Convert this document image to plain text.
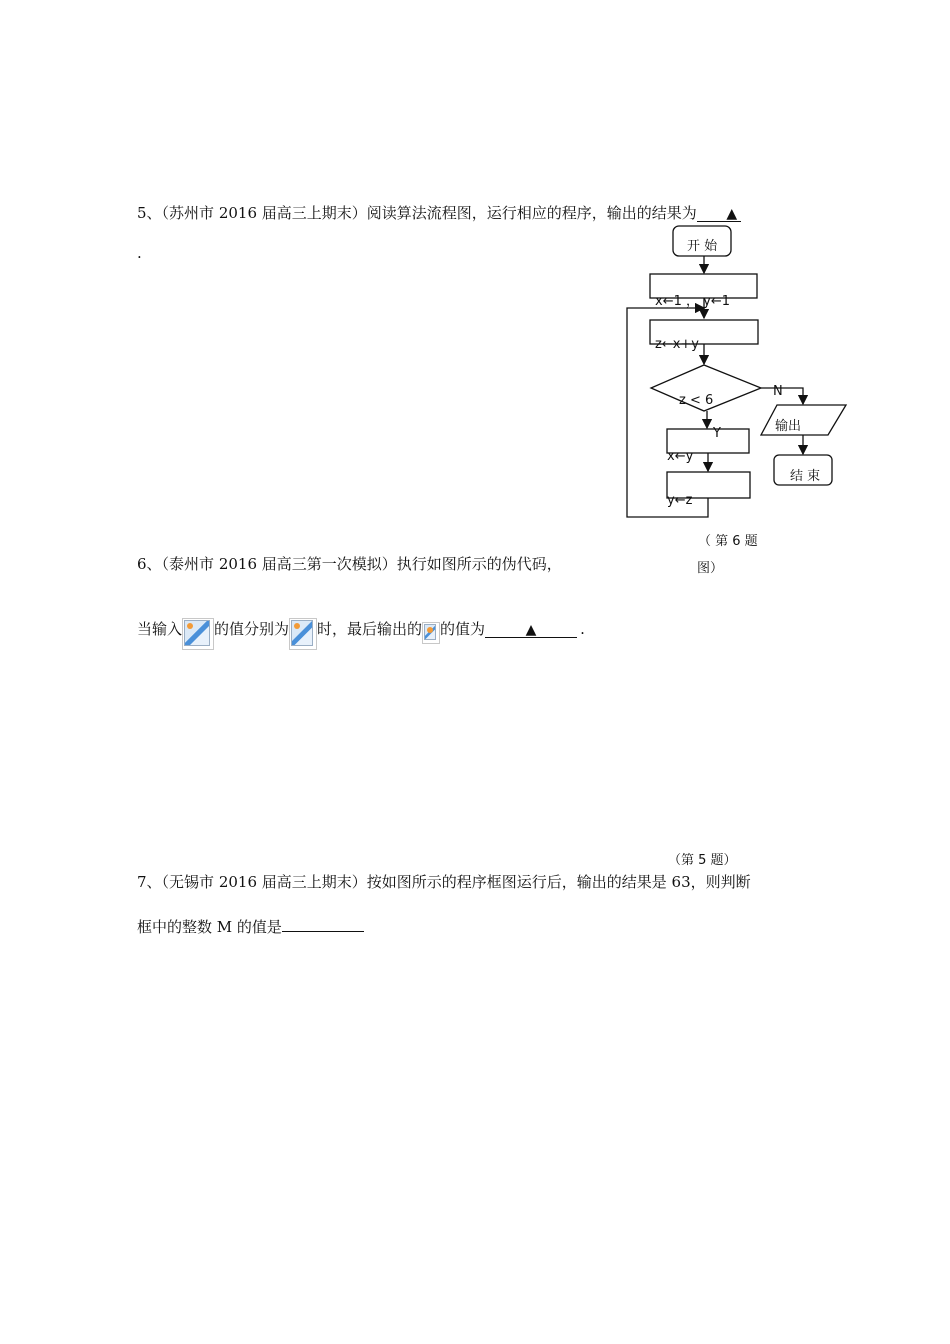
5、（苏州市 2016 届高三上期末）阅读算法流程图，运行相应的程序，输出的结果为 ▲
.	开 始
x←1 ， y←1
z←x+y
z < 6
N
输出
结 束
Y
x←y
y←z
（ 第 6 题
图）
6、（泰州市 2016 届高三第一次模拟）执行如图所示的伪代码，
当输入 的值分别为 时，最后输出的 的值为	▲	.
（第 5 题）
7、（无锡市 2016 届高三上期末）按如图所示的程序框图运行后，输出的结果是 63，则判断
框中的整数 M 的值是
